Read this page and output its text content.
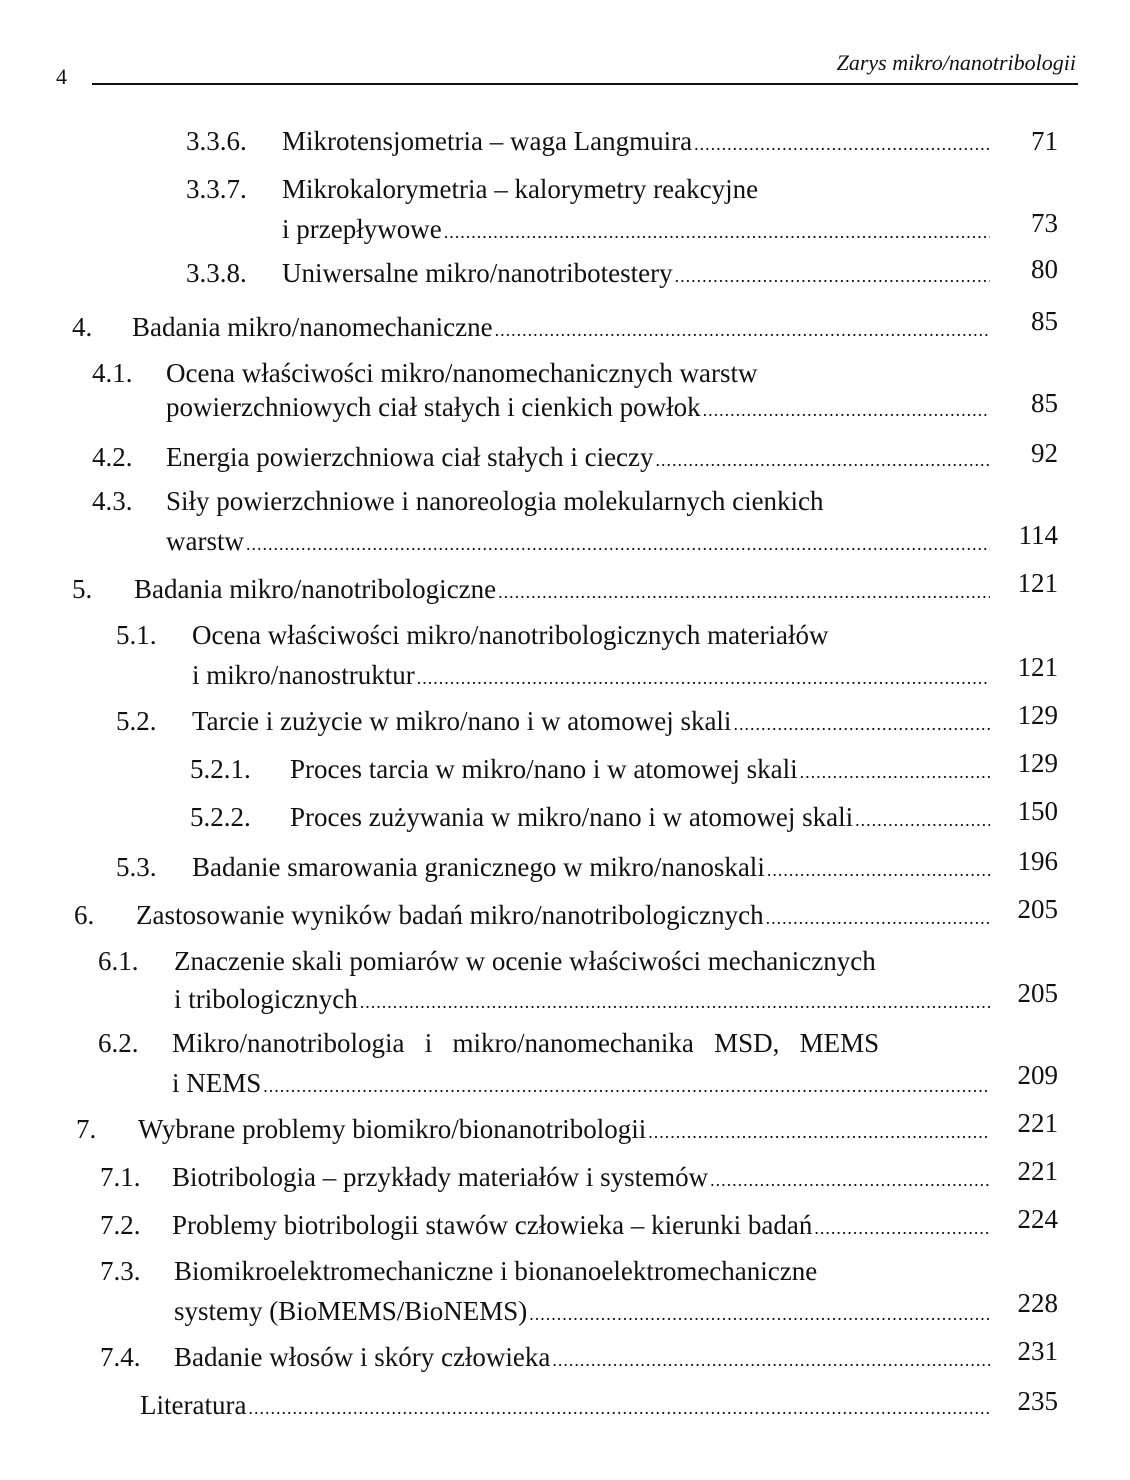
4
Zarys mikro/nanotribologii
3.3.6. Mikrotensjometria – waga Langmuira .....	71
3.3.7. Mikrokalorymetria – kalorymetry reakcyjne
i przepływowe .....	73
3.3.8. Uniwersalne mikro/nanotribotestery .....	80
4. Badania mikro/nanomechaniczne .....	85
4.1. Ocena właściwości mikro/nanomechanicznych warstw
powierzchniowych ciał stałych i cienkich powłok .....	85
4.2. Energia powierzchniowa ciał stałych i cieczy .....	92
4.3. Siły powierzchniowe i nanoreologia molekularnych cienkich
warstw .....	114
5. Badania mikro/nanotribologiczne .....	121
5.1. Ocena właściwości mikro/nanotribologicznych materiałów
i mikro/nanostruktur .....	121
5.2. Tarcie i zużycie w mikro/nano i w atomowej skali .....	129
5.2.1. Proces tarcia w mikro/nano i w atomowej skali .....	129
5.2.2. Proces zużywania w mikro/nano i w atomowej skali .....	150
5.3. Badanie smarowania granicznego w mikro/nanoskali .....	196
6. Zastosowanie wyników badań mikro/nanotribologicznych .....	205
6.1. Znaczenie skali pomiarów w ocenie właściwości mechanicznych
i tribologicznych .....	205
6.2. Mikro/nanotribologia   i   mikro/nanomechanika   MSD,   MEMS
i NEMS .....	209
7. Wybrane problemy biomikro/bionanotribologii .....	221
7.1. Biotribologia – przykłady materiałów i systemów .....	221
7.2. Problemy biotribologii stawów człowieka – kierunki badań .....	224
7.3. Biomikroelektromechaniczne i bionanoelektromechaniczne
systemy (BioMEMS/BioNEMS) .....	228
7.4. Badanie włosów i skóry człowieka .....	231
Literatura .....	235
